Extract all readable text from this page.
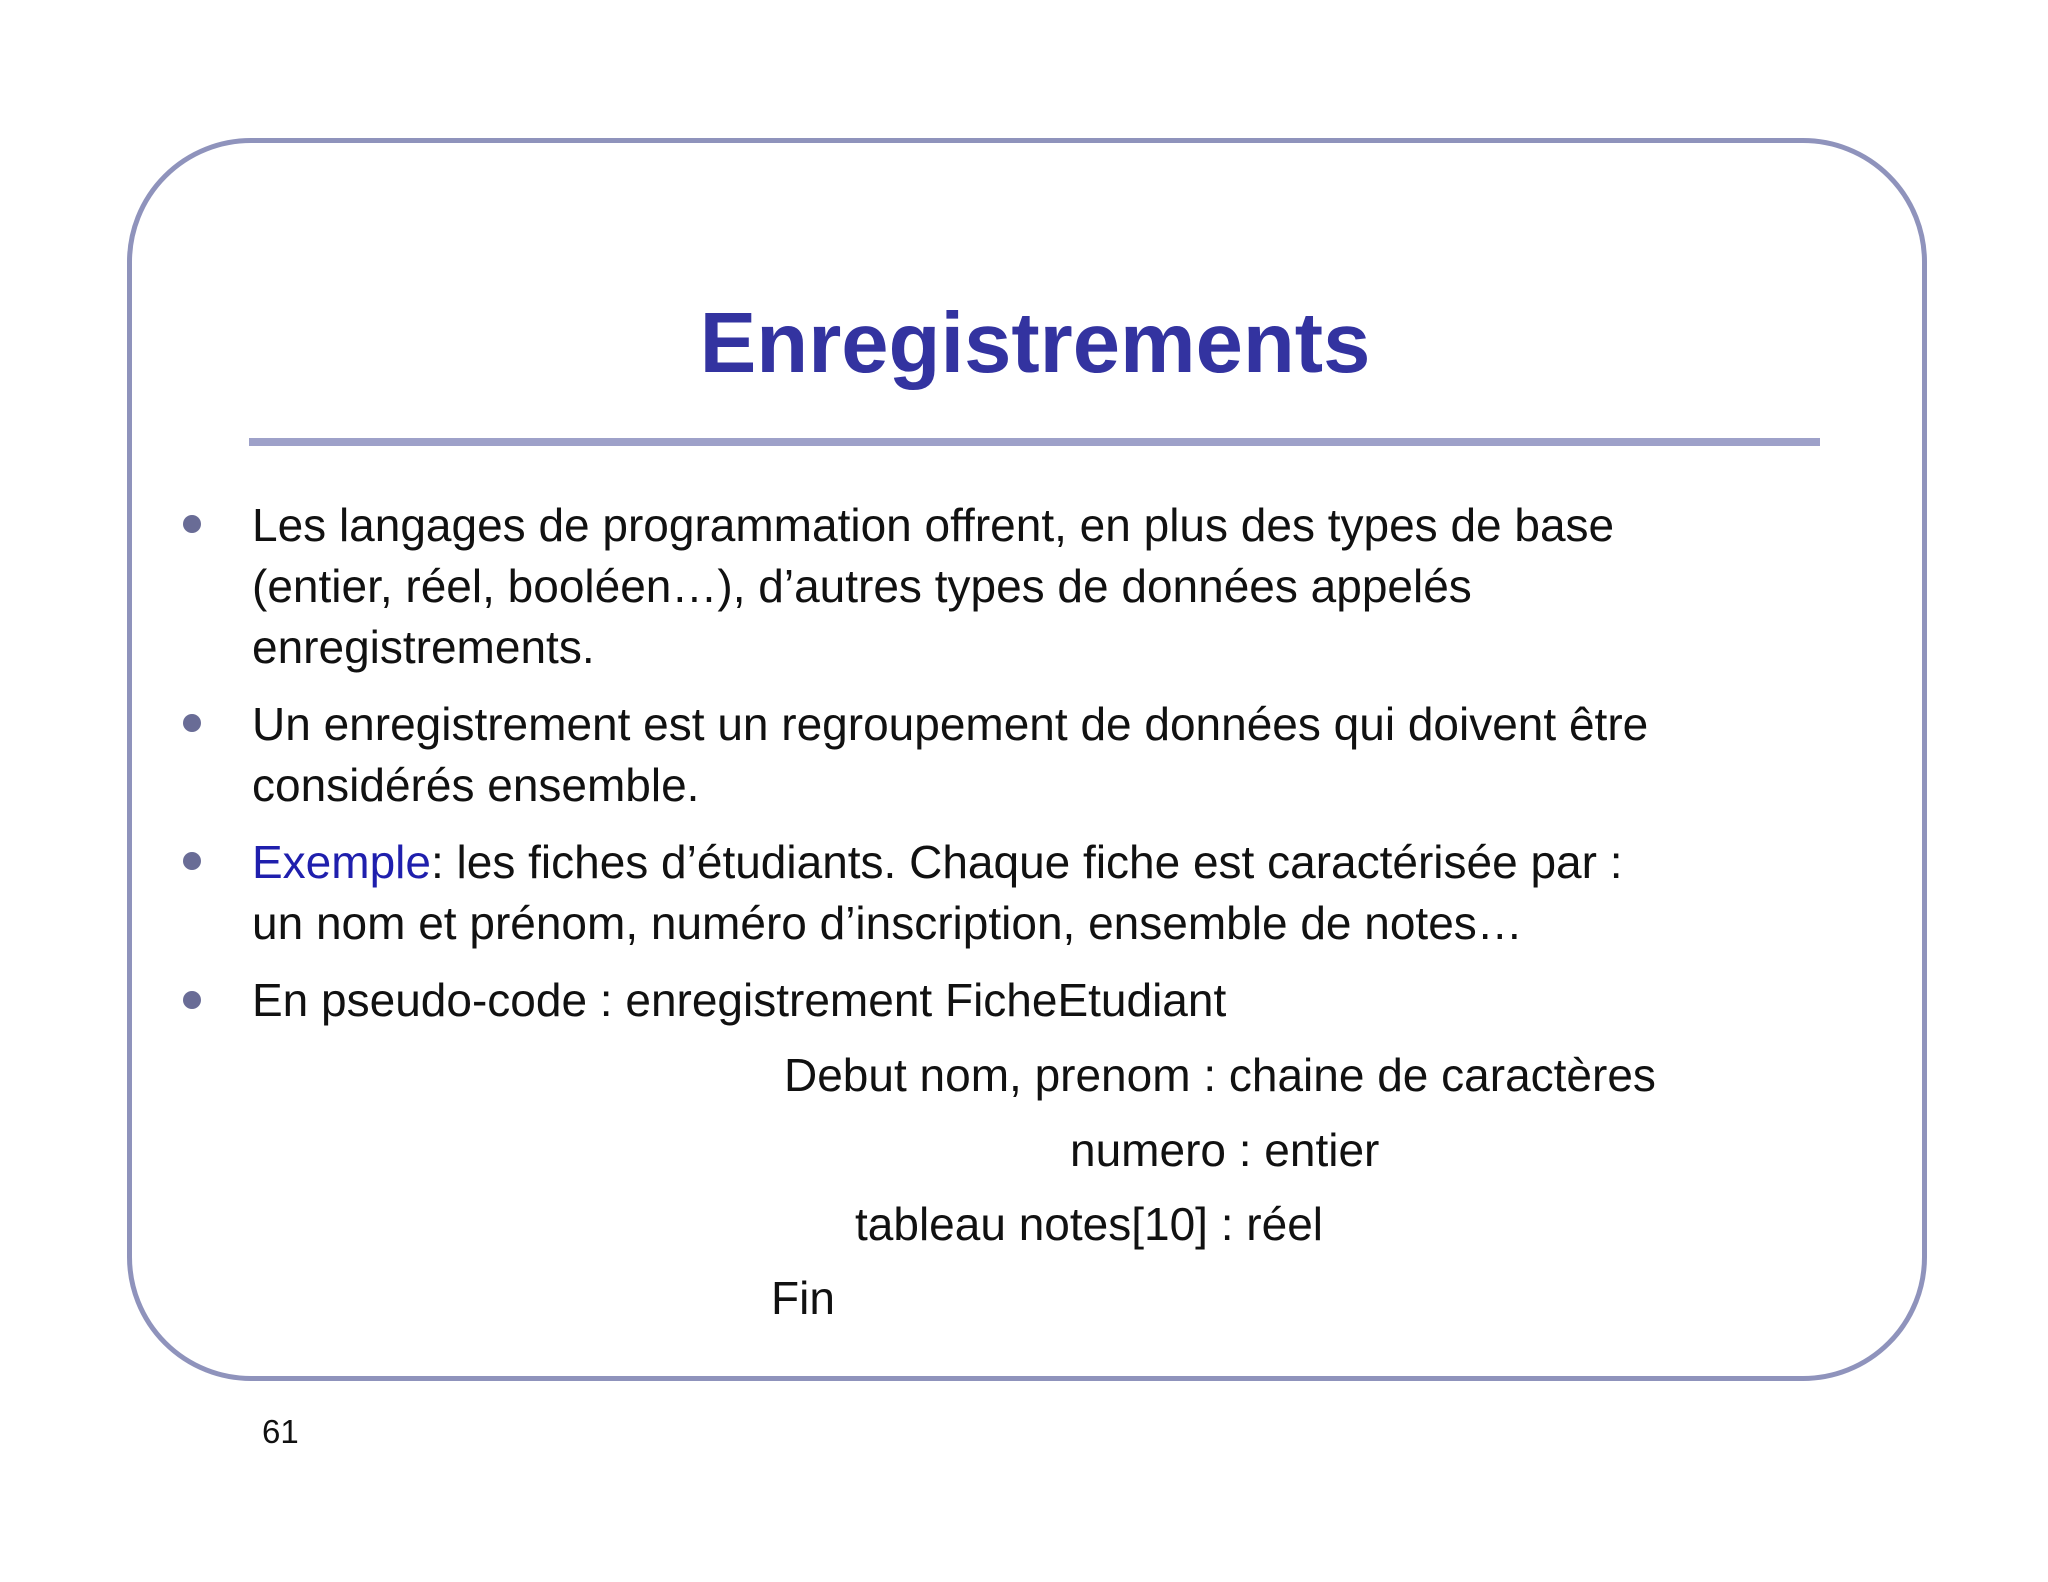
Enregistrements

Les langages de programmation offrent, en plus des types de base
(entier, réel, booléen…), d’autres types de données appelés
enregistrements.

Un enregistrement est un regroupement de données qui doivent être
considérés ensemble.

Exemple: les fiches d’étudiants. Chaque fiche est caractérisée par :
un nom et prénom, numéro d’inscription, ensemble de notes…

En pseudo-code : enregistrement FicheEtudiant

Debut nom, prenom : chaine de caractères
numero : entier
tableau notes[10] : réel
Fin
61
